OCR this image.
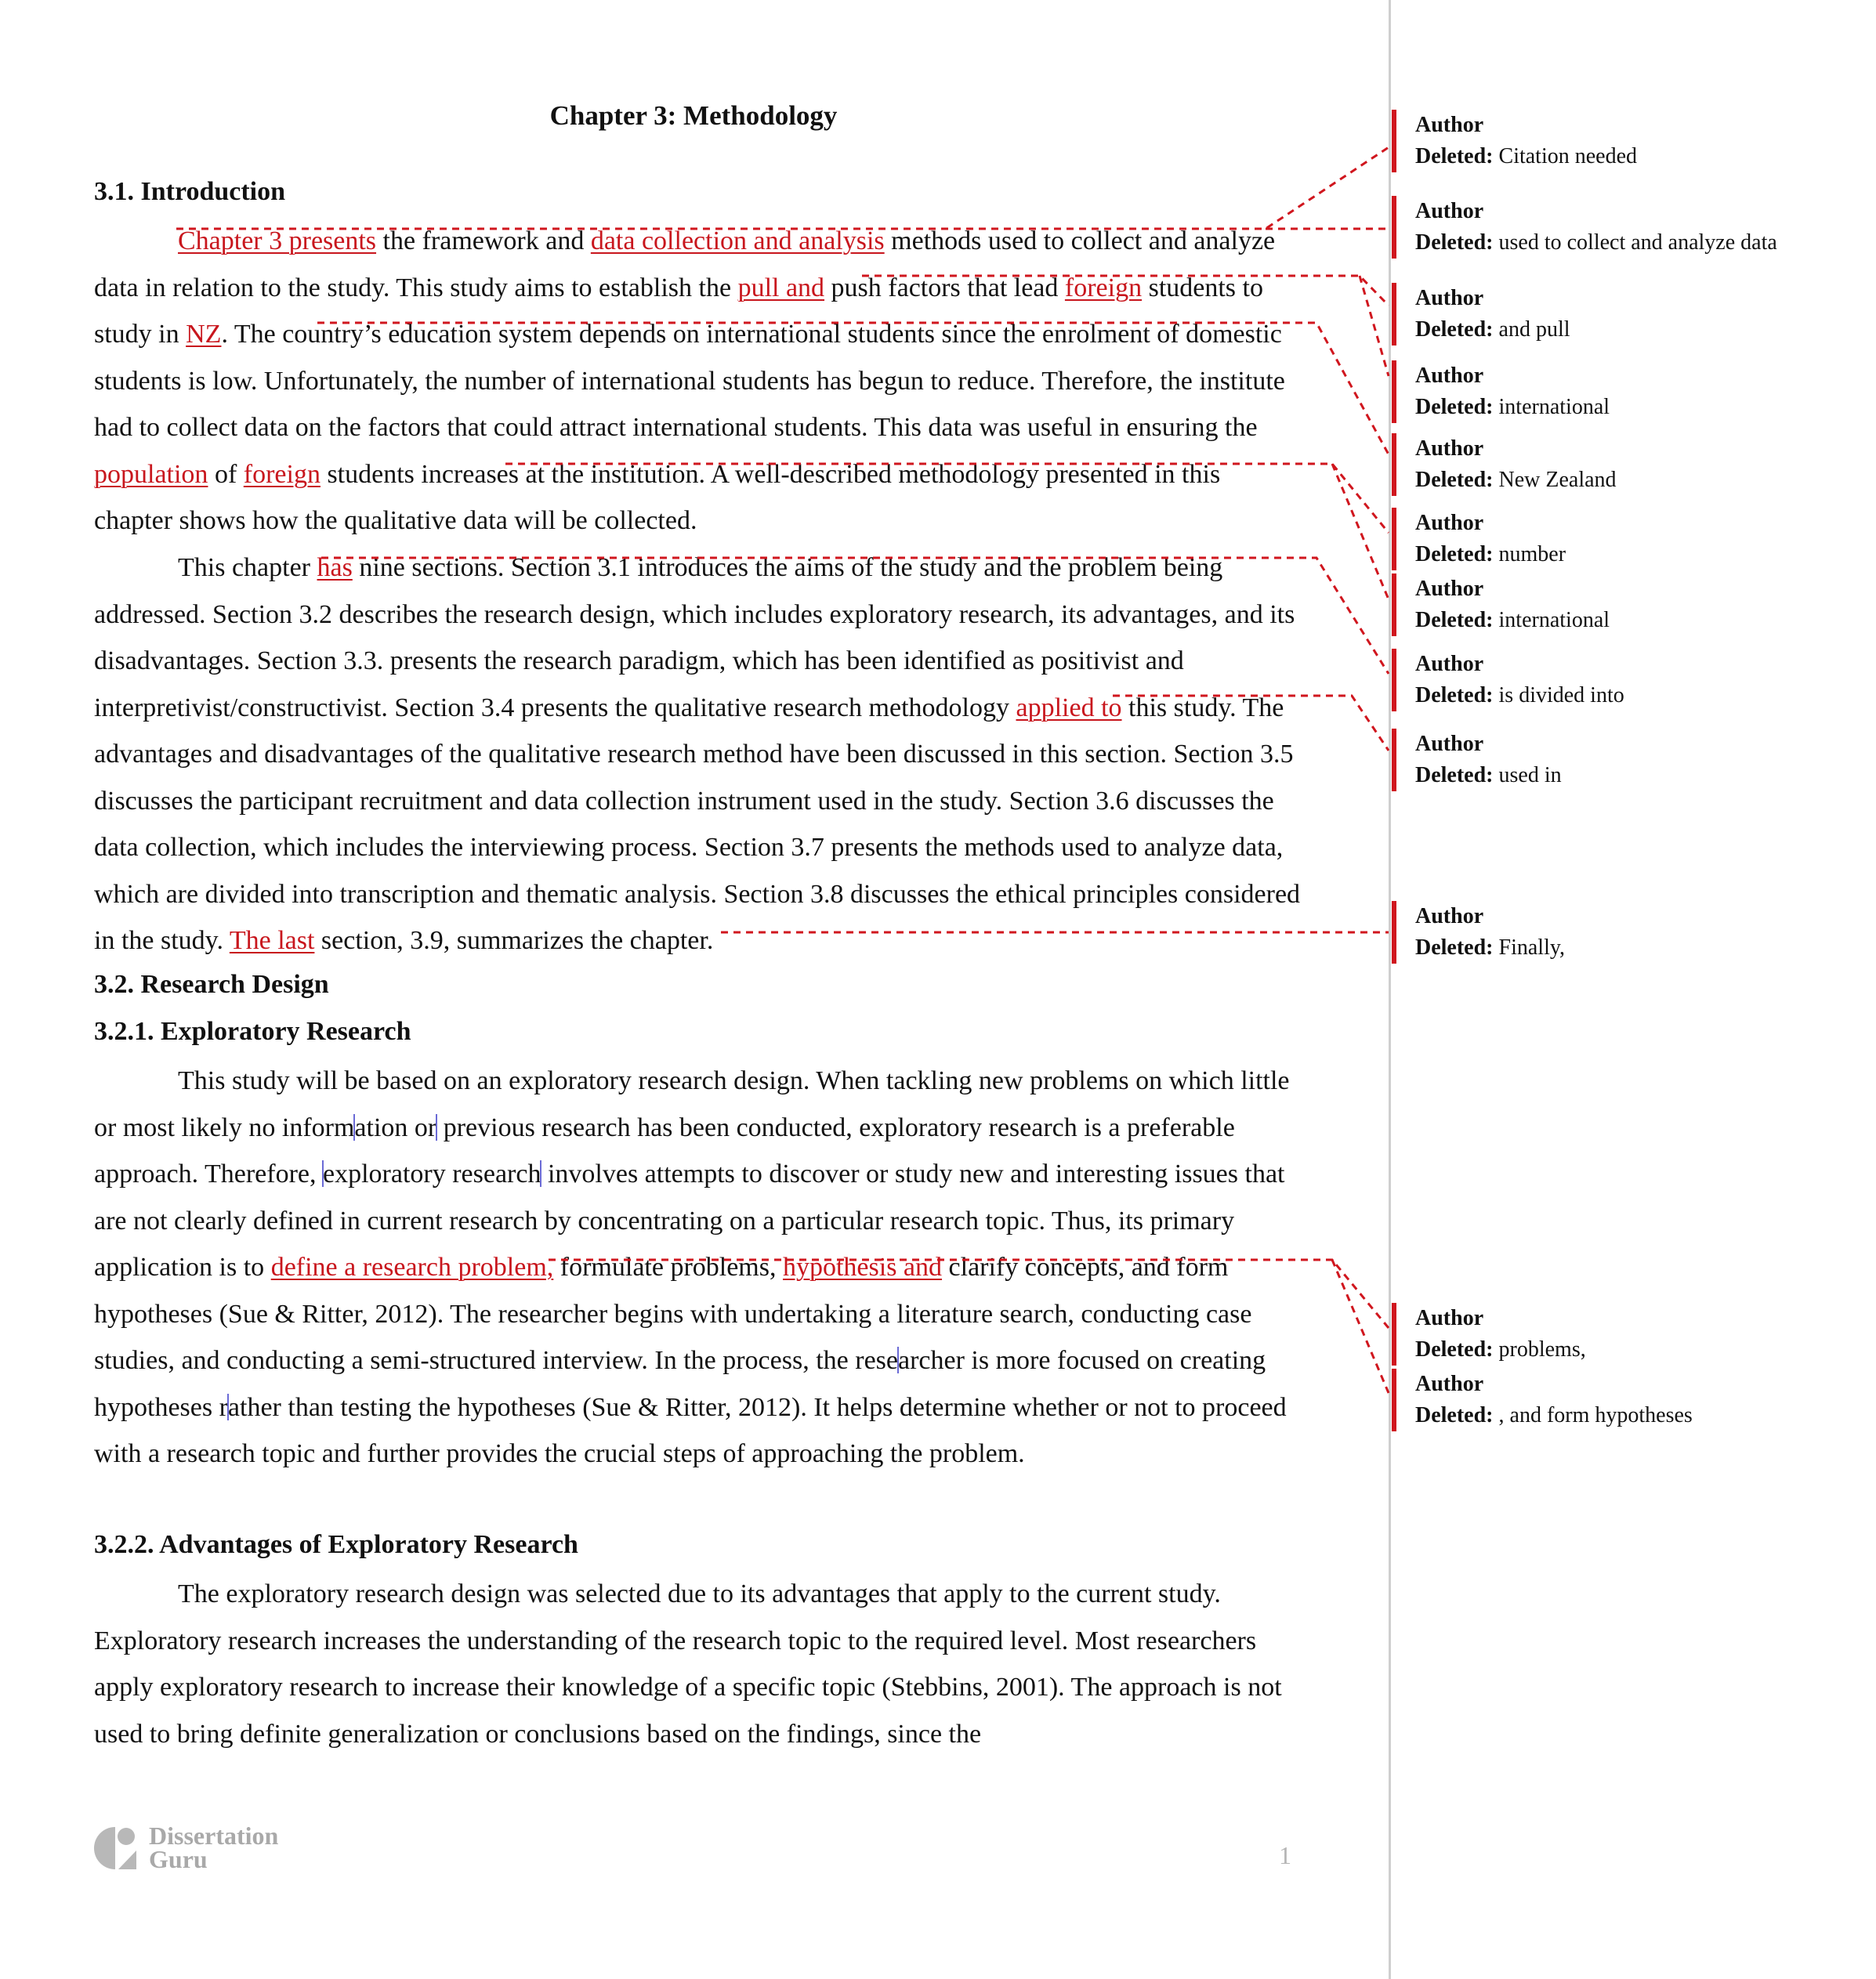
Chapter 3: Methodology
3.1. Introduction
Chapter 3 presents the framework and data collection and analysis methods used to collect and analyze data in relation to the study. This study aims to establish the pull and push factors that lead foreign students to study in NZ. The country’s education system depends on international students since the enrolment of domestic students is low. Unfortunately, the number of international students has begun to reduce. Therefore, the institute had to collect data on the factors that could attract international students. This data was useful in ensuring the population of foreign students increases at the institution. A well-described methodology presented in this chapter shows how the qualitative data will be collected.
This chapter has nine sections. Section 3.1 introduces the aims of the study and the problem being addressed. Section 3.2 describes the research design, which includes exploratory research, its advantages, and its disadvantages. Section 3.3. presents the research paradigm, which has been identified as positivist and interpretivist/constructivist. Section 3.4 presents the qualitative research methodology applied to this study. The advantages and disadvantages of the qualitative research method have been discussed in this section. Section 3.5 discusses the participant recruitment and data collection instrument used in the study. Section 3.6 discusses the data collection, which includes the interviewing process. Section 3.7 presents the methods used to analyze data, which are divided into transcription and thematic analysis. Section 3.8 discusses the ethical principles considered in the study. The last section, 3.9, summarizes the chapter.
3.2. Research Design
3.2.1. Exploratory Research
This study will be based on an exploratory research design. When tackling new problems on which little or most likely no information or previous research has been conducted, exploratory research is a preferable approach. Therefore, exploratory research involves attempts to discover or study new and interesting issues that are not clearly defined in current research by concentrating on a particular research topic. Thus, its primary application is to define a research problem, formulate problems, hypothesis and clarify concepts, and form hypotheses (Sue & Ritter, 2012). The researcher begins with undertaking a literature search, conducting case studies, and conducting a semi-structured interview. In the process, the researcher is more focused on creating hypotheses rather than testing the hypotheses (Sue & Ritter, 2012). It helps determine whether or not to proceed with a research topic and further provides the crucial steps of approaching the problem.
3.2.2. Advantages of Exploratory Research
The exploratory research design was selected due to its advantages that apply to the current study. Exploratory research increases the understanding of the research topic to the required level. Most researchers apply exploratory research to increase their knowledge of a specific topic (Stebbins, 2001). The approach is not used to bring definite generalization or conclusions based on the findings, since the
Dissertation
Guru	1
Author
Deleted: Citation needed
Author
Deleted: used to collect and analyze data
Author
Deleted: and pull
Author
Deleted: international
Author
Deleted: New Zealand
Author
Deleted: number
Author
Deleted: international
Author
Deleted: is divided into
Author
Deleted: used in
Author
Deleted: Finally,
Author
Deleted: problems,
Author
Deleted: , and form hypotheses
